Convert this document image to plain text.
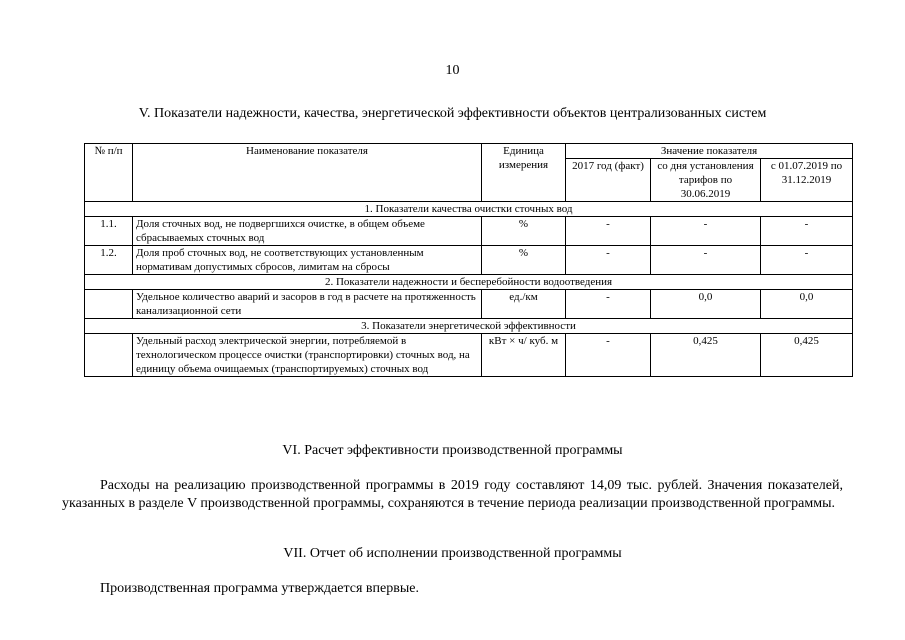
10
V. Показатели надежности, качества, энергетической эффективности объектов централизованных систем
№ п/п	Наименование показателя	Единица измерения	Значение показателя		
			2017 год (факт)	со дня установления тарифов по 30.06.2019	с 01.07.2019 по 31.12.2019
1. Показатели качества очистки сточных вод					
1.1.	Доля сточных вод, не подвергшихся очистке, в общем объеме сбрасываемых сточных вод	%	-	-	-
1.2.	Доля проб сточных вод, не соответствующих установленным нормативам допустимых сбросов, лимитам на сбросы	%	-	-	-
2. Показатели надежности и бесперебойности водоотведения					
	Удельное количество аварий и засоров в год в расчете на протяженность канализационной сети	ед./км	-	0,0	0,0
3. Показатели энергетической эффективности					
	Удельный расход электрической энергии, потребляемой в технологическом процессе очистки (транспортировки) сточных вод, на единицу объема очищаемых (транспортируемых) сточных вод	кВт × ч/ куб. м	-	0,425	0,425
VI. Расчет эффективности производственной программы

Расходы на реализацию производственной программы в 2019 году составляют 14,09 тыс. рублей. Значения показателей, указанных в разделе V производственной программы, сохраняются в течение периода реализации производственной программы.

VII. Отчет об исполнении производственной программы

Производственная программа утверждается впервые.
